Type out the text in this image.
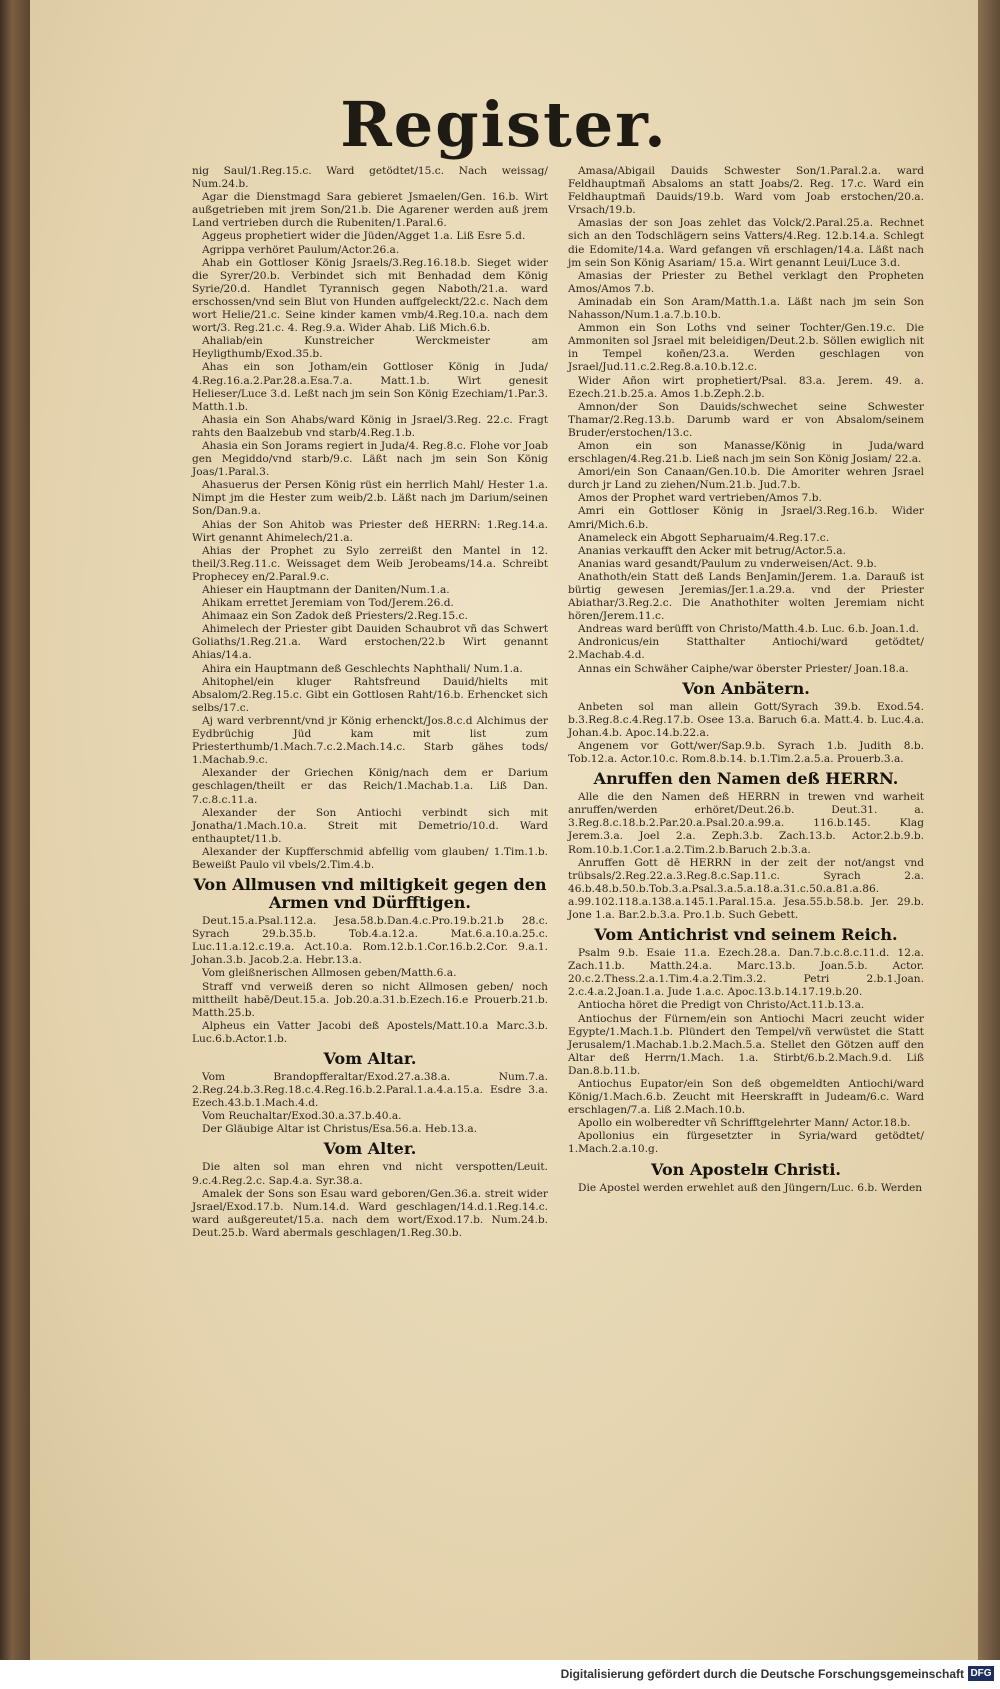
Register.

nig Saul/1.Reg.15.c. Ward getödtet/15.c. Nach weissag/ Num.24.b.

Agar die Dienstmagd Sara gebieret Jsmaelen/Gen. 16.b. Wirt außgetrieben mit jrem Son/21.b. Die Agarener werden auß jrem Land vertrieben durch die Rubeniten/1.Paral.6.

Aggeus prophetiert wider die Jüden/Agget 1.a. Liß Esre 5.d.

Agrippa verhöret Paulum/Actor.26.a.

Ahab ein Gottloser König Jsraels/3.Reg.16.18.b. Sieget wider die Syrer/20.b. Verbindet sich mit Benhadad dem König Syrie/20.d. Handlet Tyrannisch gegen Naboth/21.a. ward erschossen/vnd sein Blut von Hunden auffgeleckt/22.c. Nach dem wort Helie/21.c. Seine kinder kamen vmb/4.Reg.10.a. nach dem wort/3. Reg.21.c. 4. Reg.9.a. Wider Ahab. Liß Mich.6.b.

Ahaliab/ein Kunstreicher Werckmeister am Heyligthumb/Exod.35.b.

Ahas ein son Jotham/ein Gottloser König in Juda/ 4.Reg.16.a.2.Par.28.a.Esa.7.a. Matt.1.b. Wirt genesit Helieser/Luce 3.d. Leßt nach jm sein Son König Ezechiam/1.Par.3. Matth.1.b.

Ahasia ein Son Ahabs/ward König in Jsrael/3.Reg. 22.c. Fragt rahts den Baalzebub vnd starb/4.Reg.1.b.

Ahasia ein Son Jorams regiert in Juda/4. Reg.8.c. Flohe vor Joab gen Megiddo/vnd starb/9.c. Läßt nach jm sein Son König Joas/1.Paral.3.

Ahasuerus der Persen König rüst ein herrlich Mahl/ Hester 1.a. Nimpt jm die Hester zum weib/2.b. Läßt nach jm Darium/seinen Son/Dan.9.a.

Ahias der Son Ahitob was Priester deß HERRN: 1.Reg.14.a. Wirt genannt Ahimelech/21.a.

Ahias der Prophet zu Sylo zerreißt den Mantel in 12. theil/3.Reg.11.c. Weissaget dem Weib Jerobeams/14.a. Schreibt Prophecey en/2.Paral.9.c.

Ahieser ein Hauptmann der Daniten/Num.1.a.

Ahikam errettet Jeremiam von Tod/Jerem.26.d.

Ahimaaz ein Son Zadok deß Priesters/2.Reg.15.c.

Ahimelech der Priester gibt Dauiden Schaubrot vñ das Schwert Goliaths/1.Reg.21.a. Ward erstochen/22.b Wirt genannt Ahias/14.a.

Ahira ein Hauptmann deß Geschlechts Naphthali/ Num.1.a.

Ahitophel/ein kluger Rahtsfreund Dauid/hielts mit Absalom/2.Reg.15.c. Gibt ein Gottlosen Raht/16.b. Erhencket sich selbs/17.c.

Aj ward verbrennt/vnd jr König erhenckt/Jos.8.c.d Alchimus der Eydbrüchig Jüd kam mit list zum Priesterthumb/1.Mach.7.c.2.Mach.14.c. Starb gähes tods/ 1.Machab.9.c.

Alexander der Griechen König/nach dem er Darium geschlagen/theilt er das Reich/1.Machab.1.a. Liß Dan. 7.c.8.c.11.a.

Alexander der Son Antiochi verbindt sich mit Jonatha/1.Mach.10.a. Streit mit Demetrio/10.d. Ward enthauptet/11.b.

Alexander der Kupfferschmid abfellig vom glauben/ 1.Tim.1.b. Beweißt Paulo vil vbels/2.Tim.4.b.

Von Allmusen vnd miltigkeit gegen den Armen vnd Dürfftigen.

Deut.15.a.Psal.112.a. Jesa.58.b.Dan.4.c.Pro.19.b.21.b 28.c. Syrach 29.b.35.b. Tob.4.a.12.a. Mat.6.a.10.a.25.c. Luc.11.a.12.c.19.a. Act.10.a. Rom.12.b.1.Cor.16.b.2.Cor. 9.a.1. Johan.3.b. Jacob.2.a. Hebr.13.a.

Vom gleißnerischen Allmosen geben/Matth.6.a.

Straff vnd verweiß deren so nicht Allmosen geben/ noch mittheilt habē/Deut.15.a. Job.20.a.31.b.Ezech.16.e Prouerb.21.b. Matth.25.b.

Alpheus ein Vatter Jacobi deß Apostels/Matt.10.a Marc.3.b. Luc.6.b.Actor.1.b.

Vom Altar.

Vom Brandopfferaltar/Exod.27.a.38.a. Num.7.a. 2.Reg.24.b.3.Reg.18.c.4.Reg.16.b.2.Paral.1.a.4.a.15.a. Esdre 3.a. Ezech.43.b.1.Mach.4.d.

Vom Reuchaltar/Exod.30.a.37.b.40.a.

Der Gläubige Altar ist Christus/Esa.56.a. Heb.13.a.

Vom Alter.

Die alten sol man ehren vnd nicht verspotten/Leuit. 9.c.4.Reg.2.c. Sap.4.a. Syr.38.a.

Amalek der Sons son Esau ward geboren/Gen.36.a. streit wider Jsrael/Exod.17.b. Num.14.d. Ward geschlagen/14.d.1.Reg.14.c. ward außgereutet/15.a. nach dem wort/Exod.17.b. Num.24.b. Deut.25.b. Ward abermals geschlagen/1.Reg.30.b.

Amasa/Abigail Dauids Schwester Son/1.Paral.2.a. ward Feldhauptmañ Absaloms an statt Joabs/2. Reg. 17.c. Ward ein Feldhauptmañ Dauids/19.b. Ward vom Joab erstochen/20.a. Vrsach/19.b.

Amasias der son Joas zehlet das Volck/2.Paral.25.a. Rechnet sich an den Todschlägern seins Vatters/4.Reg. 12.b.14.a. Schlegt die Edomite/14.a. Ward gefangen vñ erschlagen/14.a. Läßt nach jm sein Son König Asariam/ 15.a. Wirt genannt Leui/Luce 3.d.

Amasias der Priester zu Bethel verklagt den Propheten Amos/Amos 7.b.

Aminadab ein Son Aram/Matth.1.a. Läßt nach jm sein Son Nahasson/Num.1.a.7.b.10.b.

Ammon ein Son Loths vnd seiner Tochter/Gen.19.c. Die Ammoniten sol Jsrael mit beleidigen/Deut.2.b. Söllen ewiglich nit in Tempel koñen/23.a. Werden geschlagen von Jsrael/Jud.11.c.2.Reg.8.a.10.b.12.c.

Wider Añon wirt prophetiert/Psal. 83.a. Jerem. 49. a. Ezech.21.b.25.a. Amos 1.b.Zeph.2.b.

Amnon/der Son Dauids/schwechet seine Schwester Thamar/2.Reg.13.b. Darumb ward er von Absalom/seinem Bruder/erstochen/13.c.

Amon ein son Manasse/König in Juda/ward erschlagen/4.Reg.21.b. Ließ nach jm sein Son König Josiam/ 22.a.

Amori/ein Son Canaan/Gen.10.b. Die Amoriter wehren Jsrael durch jr Land zu ziehen/Num.21.b. Jud.7.b.

Amos der Prophet ward vertrieben/Amos 7.b.

Amri ein Gottloser König in Jsrael/3.Reg.16.b. Wider Amri/Mich.6.b.

Anameleck ein Abgott Sepharuaim/4.Reg.17.c.

Ananias verkaufft den Acker mit betrug/Actor.5.a.

Ananias ward gesandt/Paulum zu vnderweisen/Act. 9.b.

Anathoth/ein Statt deß Lands BenJamin/Jerem. 1.a. Darauß ist bürtig gewesen Jeremias/Jer.1.a.29.a. vnd der Priester Abiathar/3.Reg.2.c. Die Anathothiter wolten Jeremiam nicht hören/Jerem.11.c.

Andreas ward berüfft von Christo/Matth.4.b. Luc. 6.b. Joan.1.d.

Andronicus/ein Statthalter Antiochi/ward getödtet/ 2.Machab.4.d.

Annas ein Schwäher Caiphe/war öberster Priester/ Joan.18.a.

Von Anbätern.

Anbeten sol man allein Gott/Syrach 39.b. Exod.54. b.3.Reg.8.c.4.Reg.17.b. Osee 13.a. Baruch 6.a. Matt.4. b. Luc.4.a. Johan.4.b. Apoc.14.b.22.a.

Angenem vor Gott/wer/Sap.9.b. Syrach 1.b. Judith 8.b. Tob.12.a. Actor.10.c. Rom.8.b.14. b.1.Tim.2.a.5.a. Prouerb.3.a.

Anruffen den Namen deß HERRN.

Alle die den Namen deß HERRN in trewen vnd warheit anruffen/werden erhöret/Deut.26.b. Deut.31. a. 3.Reg.8.c.18.b.2.Par.20.a.Psal.20.a.99.a. 116.b.145. Klag Jerem.3.a. Joel 2.a. Zeph.3.b. Zach.13.b. Actor.2.b.9.b. Rom.10.b.1.Cor.1.a.2.Tim.2.b.Baruch 2.b.3.a.

Anruffen Gott dē HERRN in der zeit der not/angst vnd trübsals/2.Reg.22.a.3.Reg.8.c.Sap.11.c. Syrach 2.a. 46.b.48.b.50.b.Tob.3.a.Psal.3.a.5.a.18.a.31.c.50.a.81.a.86. a.99.102.118.a.138.a.145.1.Paral.15.a. Jesa.55.b.58.b. Jer. 29.b. Jone 1.a. Bar.2.b.3.a. Pro.1.b. Such Gebett.

Vom Antichrist vnd seinem Reich.

Psalm 9.b. Esaie 11.a. Ezech.28.a. Dan.7.b.c.8.c.11.d. 12.a. Zach.11.b. Matth.24.a. Marc.13.b. Joan.5.b. Actor. 20.c.2.Thess.2.a.1.Tim.4.a.2.Tim.3.2. Petri 2.b.1.Joan. 2.c.4.a.2.Joan.1.a. Jude 1.a.c. Apoc.13.b.14.17.19.b.20.

Antiocha höret die Predigt von Christo/Act.11.b.13.a.

Antiochus der Fürnem/ein son Antiochi Macri zeucht wider Egypte/1.Mach.1.b. Plündert den Tempel/vñ verwüstet die Statt Jerusalem/1.Machab.1.b.2.Mach.5.a. Stellet den Götzen auff den Altar deß Herrn/1.Mach. 1.a. Stirbt/6.b.2.Mach.9.d. Liß Dan.8.b.11.b.

Antiochus Eupator/ein Son deß obgemeldten Antiochi/ward König/1.Mach.6.b. Zeucht mit Heerskrafft in Judeam/6.c. Ward erschlagen/7.a. Liß 2.Mach.10.b.

Apollo ein wolberedter vñ Schrifftgelehrter Mann/ Actor.18.b.

Apollonius ein fürgesetzter in Syria/ward getödtet/ 1.Mach.2.a.10.g.

Von Apostelн Christi.

Die Apostel werden erwehlet auß den Jüngern/Luc. 6.b. Werden

Digitalisierung gefördert durch die Deutsche Forschungsgemeinschaft DFG
